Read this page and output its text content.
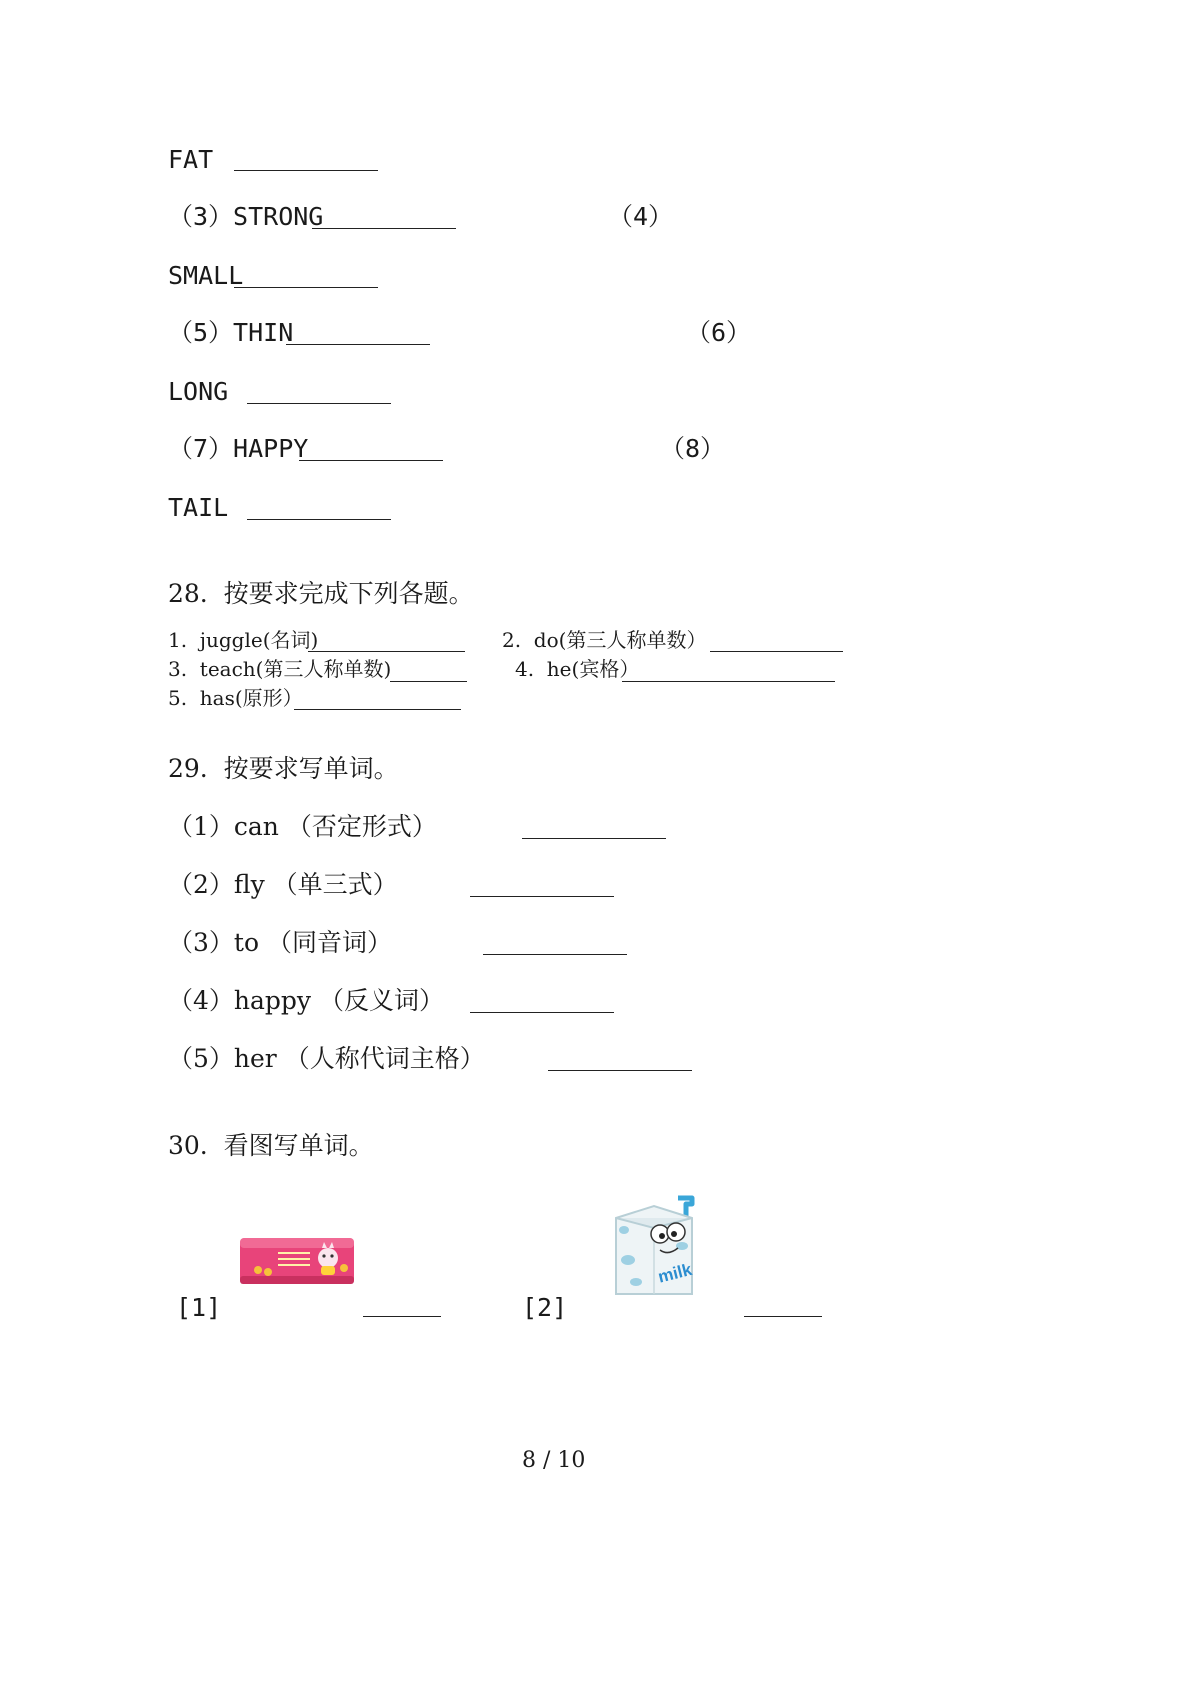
FAT
（3）STRONG	（4）
SMALL
（5）THIN	（6）
LONG
（7）HAPPY	（8）
TAIL
28.  按要求完成下列各题。
1.  juggle(名词)	2.  do(第三人称单数）
3.  teach(第三人称单数)	4.  he(宾格）
5.  has(原形）
29.  按要求写单词。
（1）can （否定形式）
（2）fly （单三式）
（3）to （同音词）
（4）happy （反义词）
（5）her （人称代词主格）
30.  看图写单词。
[1]
milk
[2]
8 / 10
